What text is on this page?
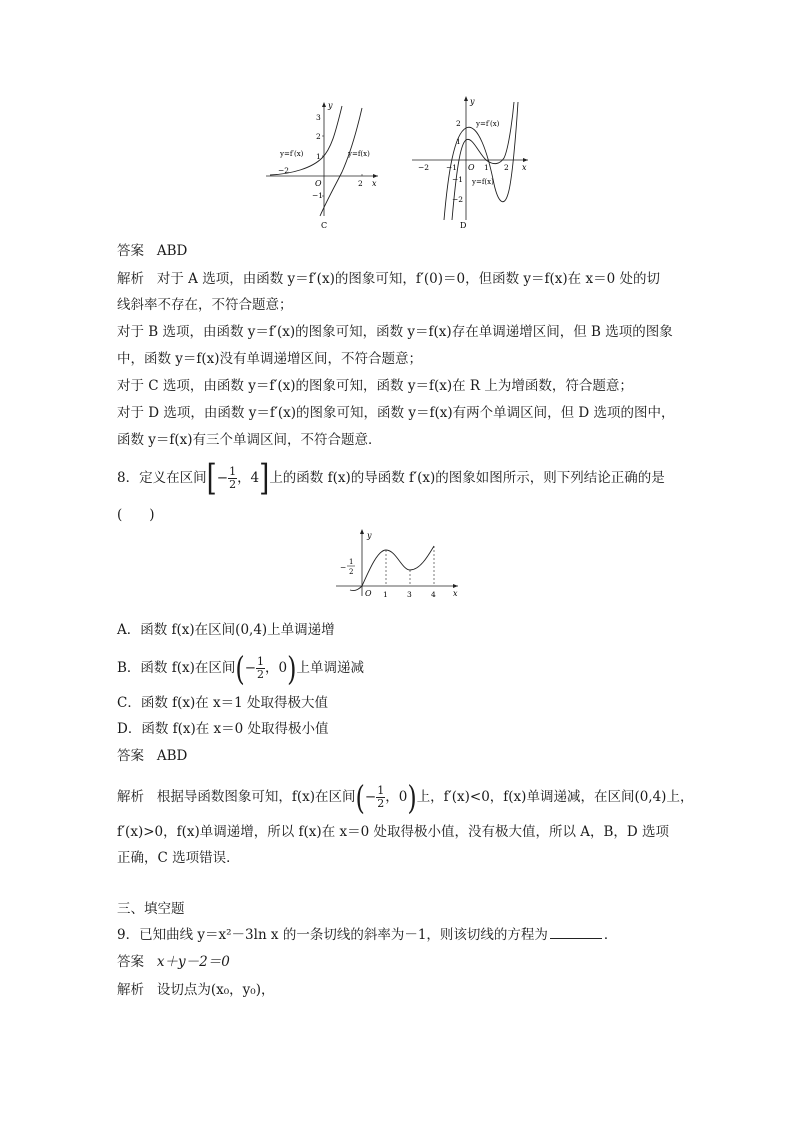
y
x
O
3
2
1
−1
−2
2
y=f′(x)	y=f(x)
C
y
x
O
−2 −1	1 2
2
1
−1
−2
y=f′(x)
y=f(x)
D
答案 ABD
解析 对于 A 选项，由函数 y＝f′(x)的图象可知，f′(0)＝0，但函数 y＝f(x)在 x＝0 处的切
线斜率不存在，不符合题意；
对于 B 选项，由函数 y＝f′(x)的图象可知，函数 y＝f(x)存在单调递增区间，但 B 选项的图象
中，函数 y＝f(x)没有单调递增区间，不符合题意；
对于 C 选项，由函数 y＝f′(x)的图象可知，函数 y＝f(x)在 R 上为增函数，符合题意；
对于 D 选项，由函数 y＝f′(x)的图象可知，函数 y＝f(x)有两个单调区间，但 D 选项的图中，
函数 y＝f(x)有三个单调区间，不符合题意．
8．定义在区间[− $\frac{1}{2}$ ，4]上的函数 f(x)的导函数 f′(x)的图象如图所示，则下列结论正确的是
(　　)
y
x
O
−
1
2
1	3	4
A．函数 f(x)在区间(0,4)上单调递增
B．函数 f(x)在区间(− $\frac{1}{2}$ ，0)上单调递减
C．函数 f(x)在 x＝1 处取得极大值
D．函数 f(x)在 x＝0 处取得极小值
答案 ABD
解析 根据导函数图象可知，f(x)在区间(− $\frac{1}{2}$ ，0)上，f′(x)<0，f(x)单调递减，在区间(0,4)上，
f′(x)>0，f(x)单调递增，所以 f(x)在 x＝0 处取得极小值，没有极大值，所以 A，B，D 选项
正确，C 选项错误．
三、填空题
9．已知曲线 y＝x²－3ln x 的一条切线的斜率为－1，则该切线的方程为	．
答案 x＋y－2＝0
解析 设切点为(x₀，y₀)，
